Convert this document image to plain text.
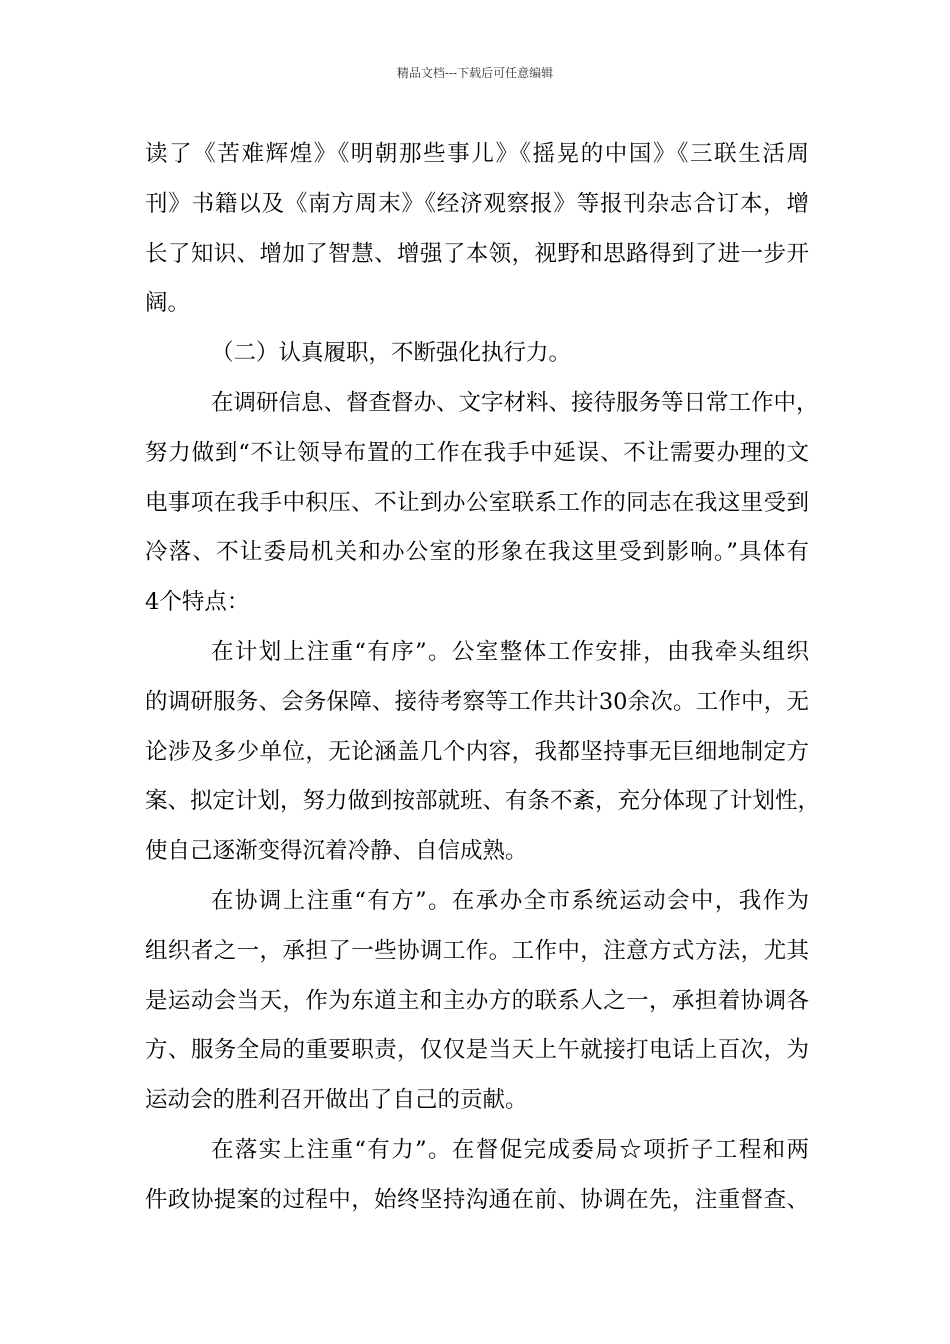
精品文档---下载后可任意编辑
读了《苦难辉煌》《明朝那些事儿》《摇晃的中国》《三联生活周
刊》书籍以及《南方周末》《经济观察报》等报刊杂志合订本，增
长了知识、增加了智慧、增强了本领，视野和思路得到了进一步开
阔。
（二）认真履职，不断强化执行力。
在调研信息、督查督办、文字材料、接待服务等日常工作中，
努力做到“不让领导布置的工作在我手中延误、不让需要办理的文
电事项在我手中积压、不让到办公室联系工作的同志在我这里受到
冷落、不让委局机关和办公室的形象在我这里受到影响。”具体有
4个特点：
在计划上注重“有序”。公室整体工作安排，由我牵头组织
的调研服务、会务保障、接待考察等工作共计30余次。工作中，无
论涉及多少单位，无论涵盖几个内容，我都坚持事无巨细地制定方
案、拟定计划，努力做到按部就班、有条不紊，充分体现了计划性，
使自己逐渐变得沉着冷静、自信成熟。
在协调上注重“有方”。在承办全市系统运动会中，我作为
组织者之一，承担了一些协调工作。工作中，注意方式方法，尤其
是运动会当天，作为东道主和主办方的联系人之一，承担着协调各
方、服务全局的重要职责，仅仅是当天上午就接打电话上百次，为
运动会的胜利召开做出了自己的贡献。
在落实上注重“有力”。在督促完成委局☆项折子工程和两
件政协提案的过程中，始终坚持沟通在前、协调在先，注重督查、
